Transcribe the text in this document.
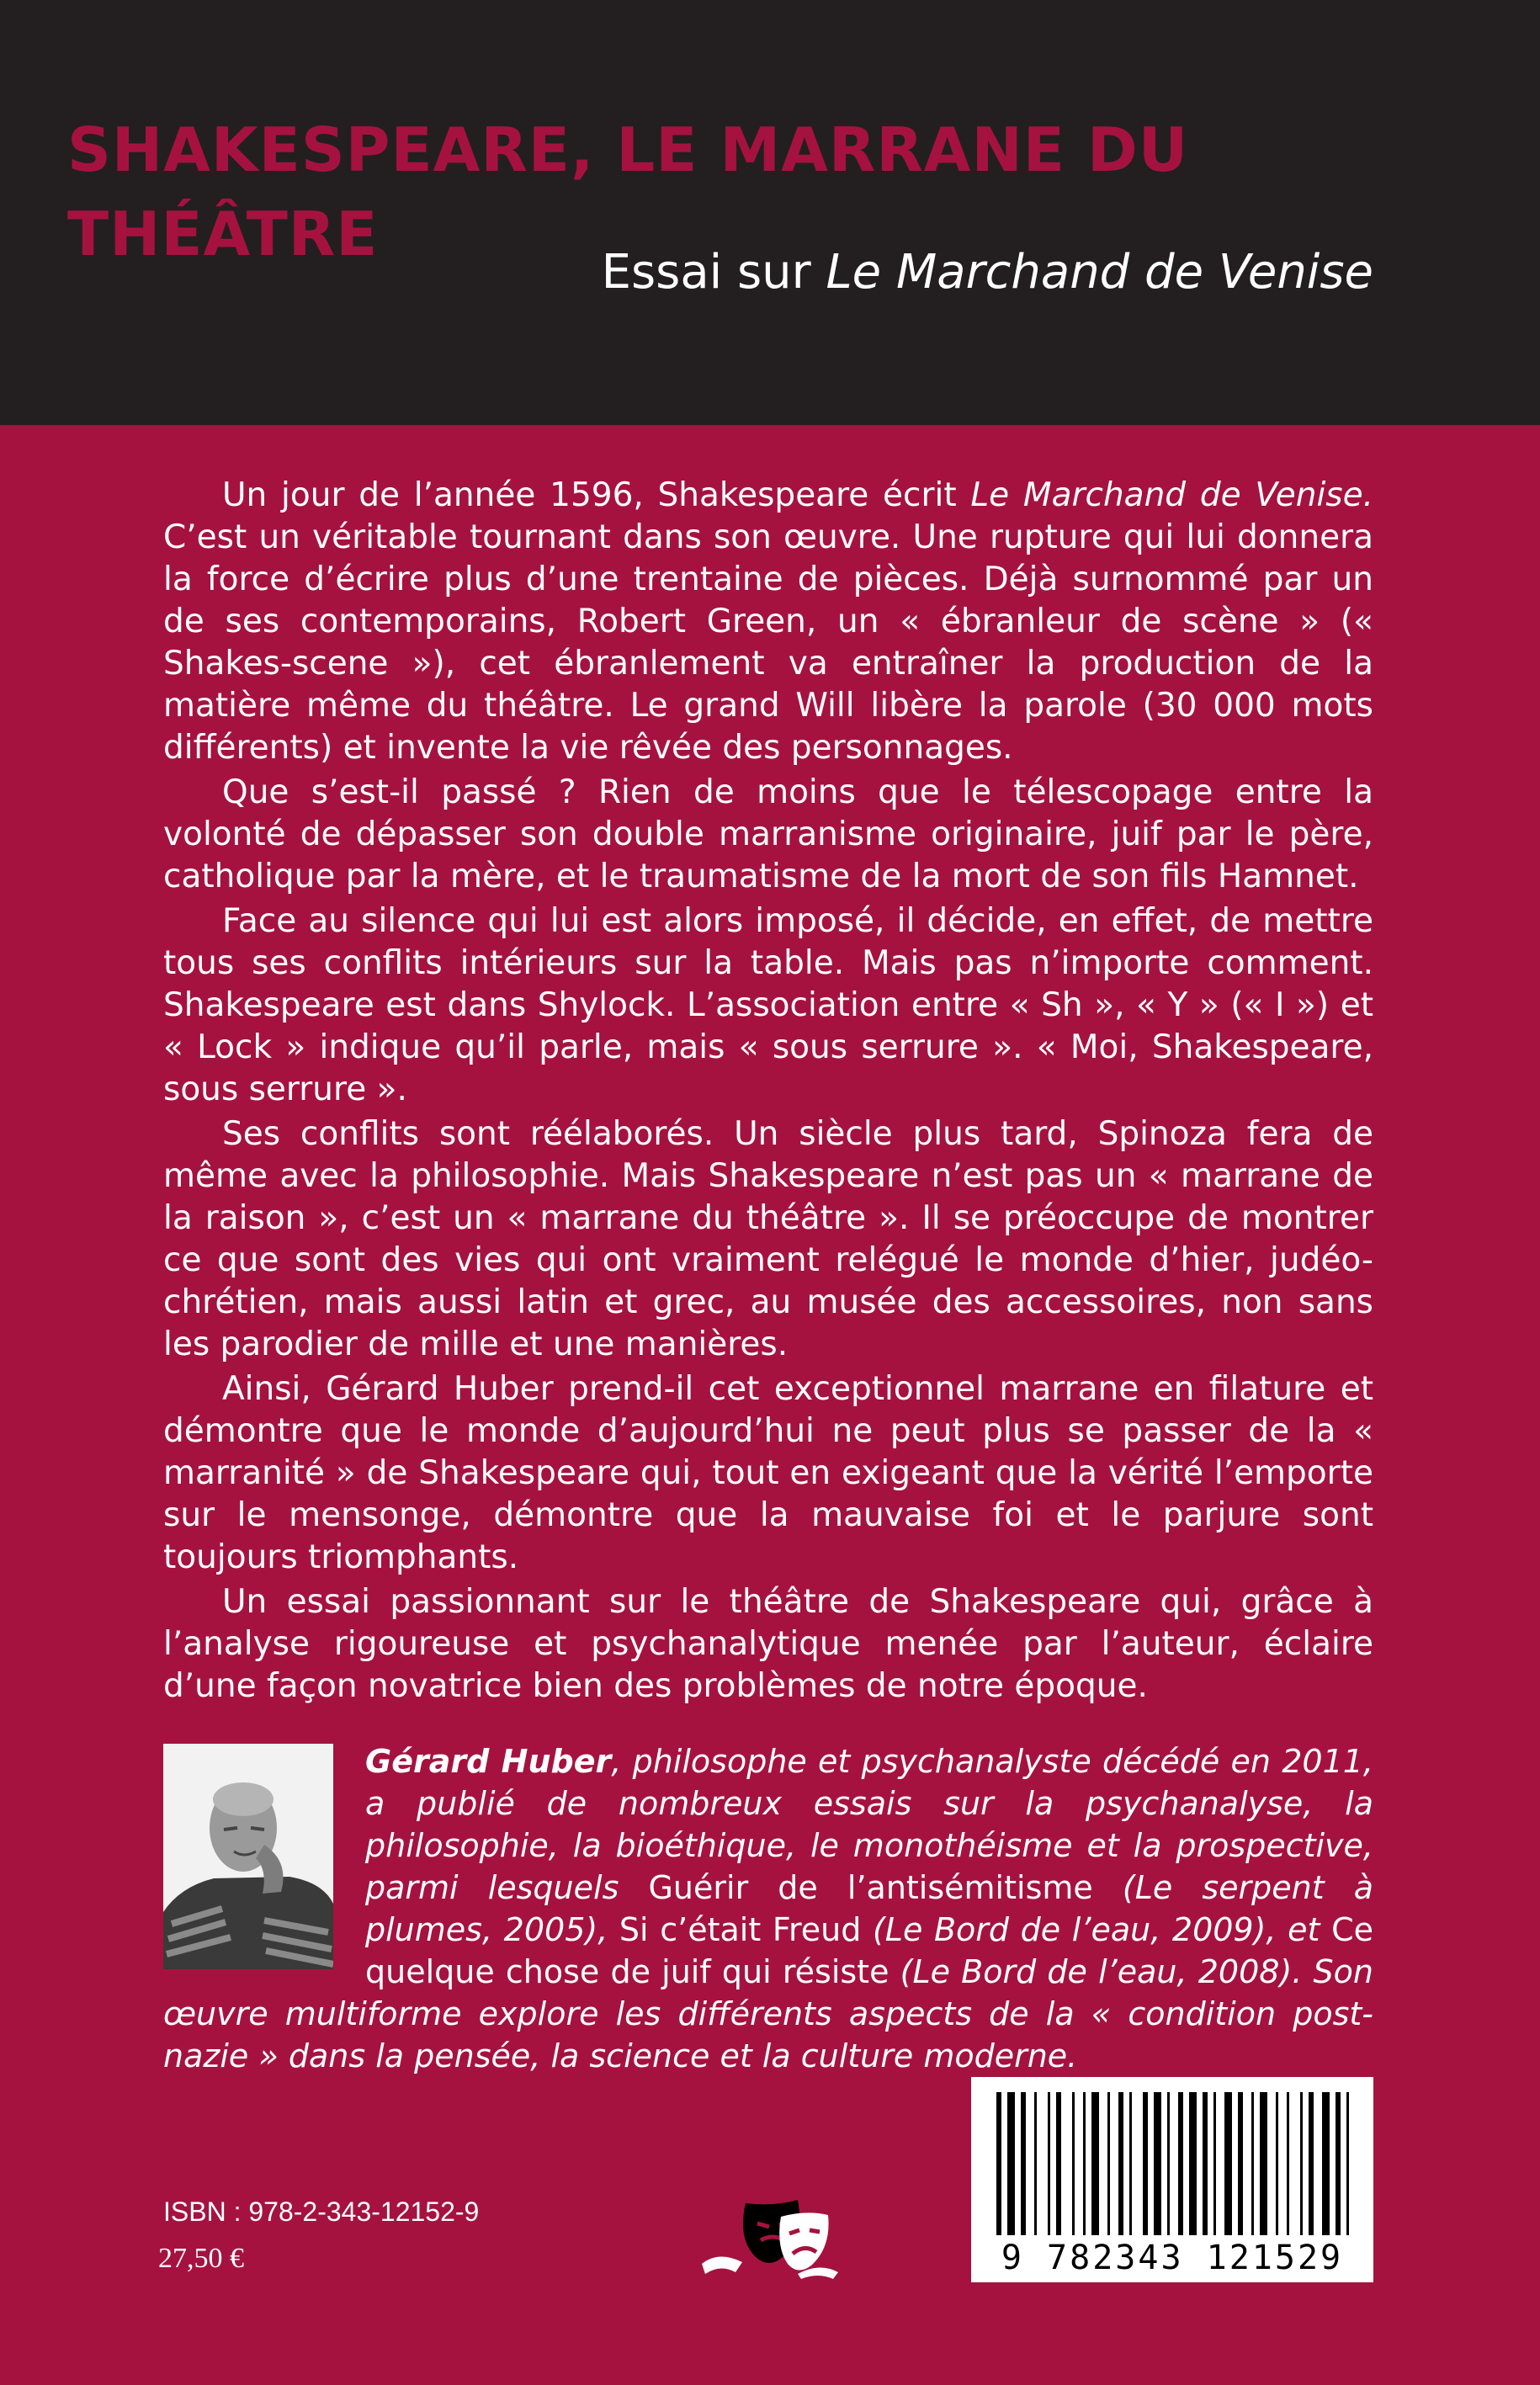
SHAKESPEARE, LE MARRANE DU THÉÂTRE
Essai sur Le Marchand de Venise

Un jour de l’année 1596, Shakespeare écrit Le Marchand de Venise. C’est un véritable tournant dans son œuvre. Une rupture qui lui donnera la force d’écrire plus d’une trentaine de pièces. Déjà surnommé par un de ses contemporains, Robert Green, un « ébranleur de scène » (« Shakes-scene »), cet ébranlement va entraîner la production de la matière même du théâtre. Le grand Will libère la parole (30 000 mots différents) et invente la vie rêvée des personnages.

Que s’est-il passé ? Rien de moins que le télescopage entre la volonté de dépasser son double marranisme originaire, juif par le père, catholique par la mère, et le traumatisme de la mort de son fils Hamnet.

Face au silence qui lui est alors imposé, il décide, en effet, de mettre tous ses conflits intérieurs sur la table. Mais pas n’importe comment. Shakespeare est dans Shylock. L’association entre « Sh », « Y » (« I ») et « Lock » indique qu’il parle, mais « sous serrure ». « Moi, Shakespeare, sous serrure ».

Ses conflits sont réélaborés. Un siècle plus tard, Spinoza fera de même avec la philosophie. Mais Shakespeare n’est pas un « marrane de la raison », c’est un « marrane du théâtre ». Il se préoccupe de montrer ce que sont des vies qui ont vraiment relégué le monde d’hier, judéo-chrétien, mais aussi latin et grec, au musée des accessoires, non sans les parodier de mille et une manières.

Ainsi, Gérard Huber prend-il cet exceptionnel marrane en filature et démontre que le monde d’aujourd’hui ne peut plus se passer de la « marranité » de Shakespeare qui, tout en exigeant que la vérité l’emporte sur le mensonge, démontre que la mauvaise foi et le parjure sont toujours triomphants.

Un essai passionnant sur le théâtre de Shakespeare qui, grâce à l’analyse rigoureuse et psychanalytique menée par l’auteur, éclaire d’une façon novatrice bien des problèmes de notre époque.

Gérard Huber, philosophe et psychanalyste décédé en 2011, a publié de nombreux essais sur la psychanalyse, la philosophie, la bioéthique, le monothéisme et la prospective, parmi lesquels Guérir de l’antisémitisme (Le serpent à plumes, 2005), Si c’était Freud (Le Bord de l’eau, 2009), et Ce quelque chose de juif qui résiste (Le Bord de l’eau, 2008). Son œuvre multiforme explore les différents aspects de la « condition post-nazie » dans la pensée, la science et la culture moderne.
9 782343 121529

ISBN : 978-2-343-12152-9

27,50 €
